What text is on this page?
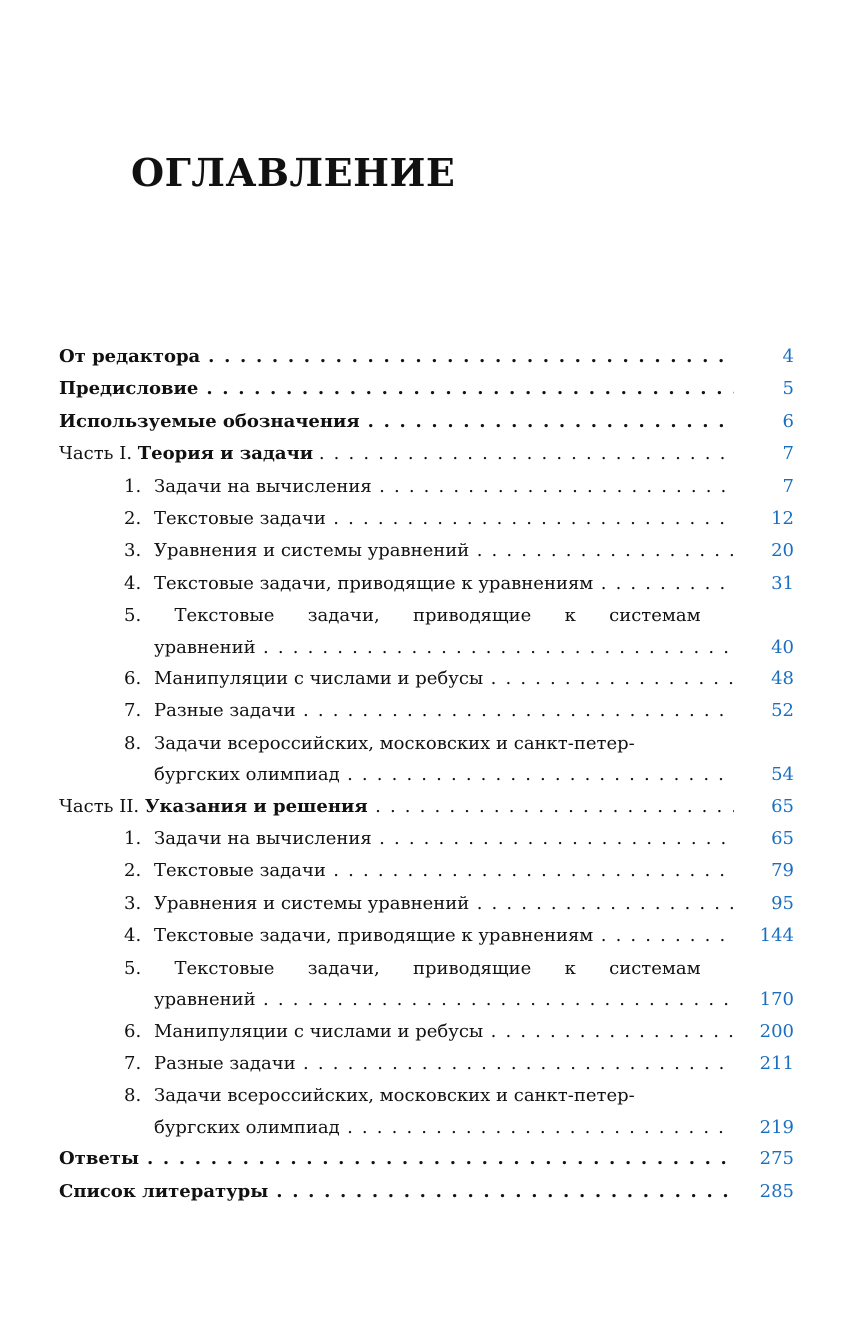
ОГЛАВЛЕНИЕ
От редактора . . .	4
Предисловие . . .	5
Используемые обозначения . . .	6
Часть I. Теория и задачи . . .	7
1. Задачи на вычисления . . .	7
2. Текстовые задачи . . .	12
3. Уравнения и системы уравнений . . .	20
4. Текстовые задачи, приводящие к уравнениям . . .	31
5. Текстовые задачи, приводящие к системам
уравнений . . .	40
6. Манипуляции с числами и ребусы . . .	48
7. Разные задачи . . .	52
8. Задачи всероссийских, московских и санкт-петер-
бургских олимпиад . . .	54
Часть II. Указания и решения . . .	65
1. Задачи на вычисления . . .	65
2. Текстовые задачи . . .	79
3. Уравнения и системы уравнений . . .	95
4. Текстовые задачи, приводящие к уравнениям . . .	144
5. Текстовые задачи, приводящие к системам
уравнений . . .	170
6. Манипуляции с числами и ребусы . . .	200
7. Разные задачи . . .	211
8. Задачи всероссийских, московских и санкт-петер-
бургских олимпиад . . .	219
Ответы . . .	275
Список литературы . . .	285
